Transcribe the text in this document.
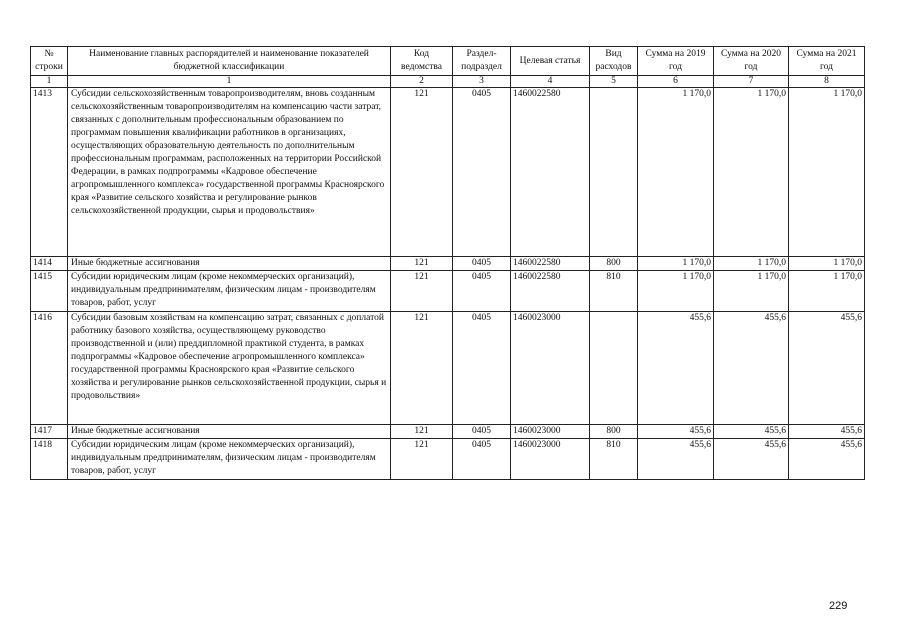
№ строки	Наименование главных распорядителей и наименование показателей бюджетной классификации	Код ведомства	Раздел-подраздел	Целевая статья	Вид расходов	Сумма на 2019 год	Сумма на 2020 год	Сумма на 2021 год
1	1	2	3	4	5	6	7	8
1413	Субсидии сельскохозяйственным товаропроизводителям, вновь созданным сельскохозяйственным товаропроизводителям на компенсацию части затрат, связанных с дополнительным профессиональным образованием по программам повышения квалификации работников в организациях, осуществляющих образовательную деятельность по дополнительным профессиональным программам, расположенных на территории Российской Федерации, в рамках подпрограммы «Кадровое обеспечение агропромышленного комплекса» государственной программы Красноярского края «Развитие сельского хозяйства и регулирование рынков сельскохозяйственной продукции, сырья и продовольствия»	121	0405	1460022580		1 170,0	1 170,0	1 170,0
1414	Иные бюджетные ассигнования	121	0405	1460022580	800	1 170,0	1 170,0	1 170,0
1415	Субсидии юридическим лицам (кроме некоммерческих организаций), индивидуальным предпринимателям, физическим лицам - производителям товаров, работ, услуг	121	0405	1460022580	810	1 170,0	1 170,0	1 170,0
1416	Субсидии базовым хозяйствам на компенсацию затрат, связанных с доплатой работнику базового хозяйства, осуществляющему руководство производственной и (или) преддипломной практикой студента, в рамках подпрограммы «Кадровое обеспечение агропромышленного комплекса» государственной программы Красноярского края «Развитие сельского хозяйства и регулирование рынков сельскохозяйственной продукции, сырья и продовольствия»	121	0405	1460023000		455,6	455,6	455,6
1417	Иные бюджетные ассигнования	121	0405	1460023000	800	455,6	455,6	455,6
1418	Субсидии юридическим лицам (кроме некоммерческих организаций), индивидуальным предпринимателям, физическим лицам - производителям товаров, работ, услуг	121	0405	1460023000	810	455,6	455,6	455,6
229
